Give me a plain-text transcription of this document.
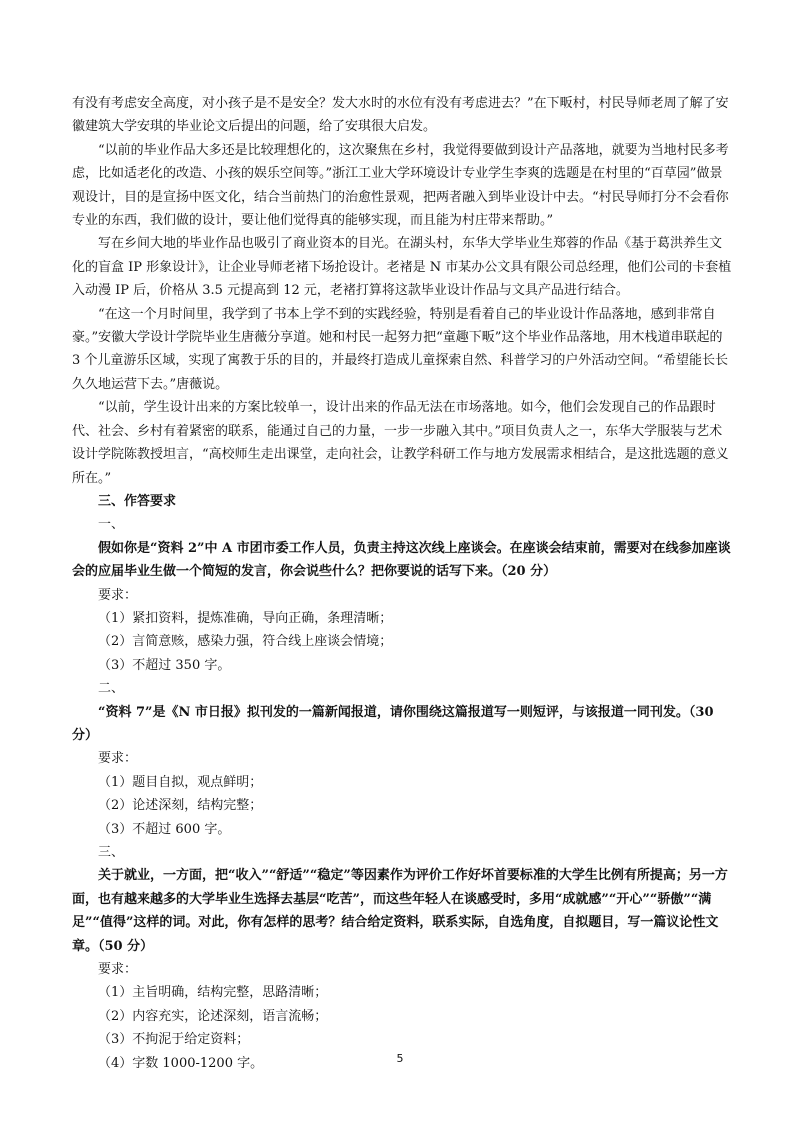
有没有考虑安全高度，对小孩子是不是安全？发大水时的水位有没有考虑进去？”在下畈村，村民导师老周了解了安徽建筑大学安琪的毕业论文后提出的问题，给了安琪很大启发。

“以前的毕业作品大多还是比较理想化的，这次聚焦在乡村，我觉得要做到设计产品落地，就要为当地村民多考虑，比如适老化的改造、小孩的娱乐空间等。”浙江工业大学环境设计专业学生李爽的选题是在村里的“百草园”做景观设计，目的是宣扬中医文化，结合当前热门的治愈性景观，把两者融入到毕业设计中去。“村民导师打分不会看你专业的东西，我们做的设计，要让他们觉得真的能够实现，而且能为村庄带来帮助。”

写在乡间大地的毕业作品也吸引了商业资本的目光。在湖头村，东华大学毕业生郑蓉的作品《基于葛洪养生文化的盲盒 IP 形象设计》，让企业导师老褚下场抢设计。老褚是 N 市某办公文具有限公司总经理，他们公司的卡套植入动漫 IP 后，价格从 3.5 元提高到 12 元，老褚打算将这款毕业设计作品与文具产品进行结合。

“在这一个月时间里，我学到了书本上学不到的实践经验，特别是看着自己的毕业设计作品落地，感到非常自豪。”安徽大学设计学院毕业生唐薇分享道。她和村民一起努力把“童趣下畈”这个毕业作品落地，用木栈道串联起的 3 个儿童游乐区域，实现了寓教于乐的目的，并最终打造成儿童探索自然、科普学习的户外活动空间。“希望能长长久久地运营下去。”唐薇说。

“以前，学生设计出来的方案比较单一，设计出来的作品无法在市场落地。如今，他们会发现自己的作品跟时代、社会、乡村有着紧密的联系，能通过自己的力量，一步一步融入其中。”项目负责人之一，东华大学服装与艺术设计学院陈教授坦言，“高校师生走出课堂，走向社会，让教学科研工作与地方发展需求相结合，是这批选题的意义所在。”

三、作答要求

一、

假如你是“资料 2”中 A 市团市委工作人员，负责主持这次线上座谈会。在座谈会结束前，需要对在线参加座谈会的应届毕业生做一个简短的发言，你会说些什么？把你要说的话写下来。（20 分）

要求：

（1）紧扣资料，提炼准确，导向正确，条理清晰；

（2）言简意赅，感染力强，符合线上座谈会情境；

（3）不超过 350 字。

二、

“资料 7”是《N 市日报》拟刊发的一篇新闻报道，请你围绕这篇报道写一则短评，与该报道一同刊发。（30 分）

要求：

（1）题目自拟，观点鲜明；

（2）论述深刻，结构完整；

（3）不超过 600 字。

三、

关于就业，一方面，把“收入”“舒适”“稳定”等因素作为评价工作好坏首要标准的大学生比例有所提高；另一方面，也有越来越多的大学毕业生选择去基层“吃苦”，而这些年轻人在谈感受时，多用“成就感”“开心”“骄傲”“满足”“值得”这样的词。对此，你有怎样的思考？结合给定资料，联系实际，自选角度，自拟题目，写一篇议论性文章。（50 分）

要求：

（1）主旨明确，结构完整，思路清晰；

（2）内容充实，论述深刻，语言流畅；

（3）不拘泥于给定资料；

（4）字数 1000-1200 字。	5
